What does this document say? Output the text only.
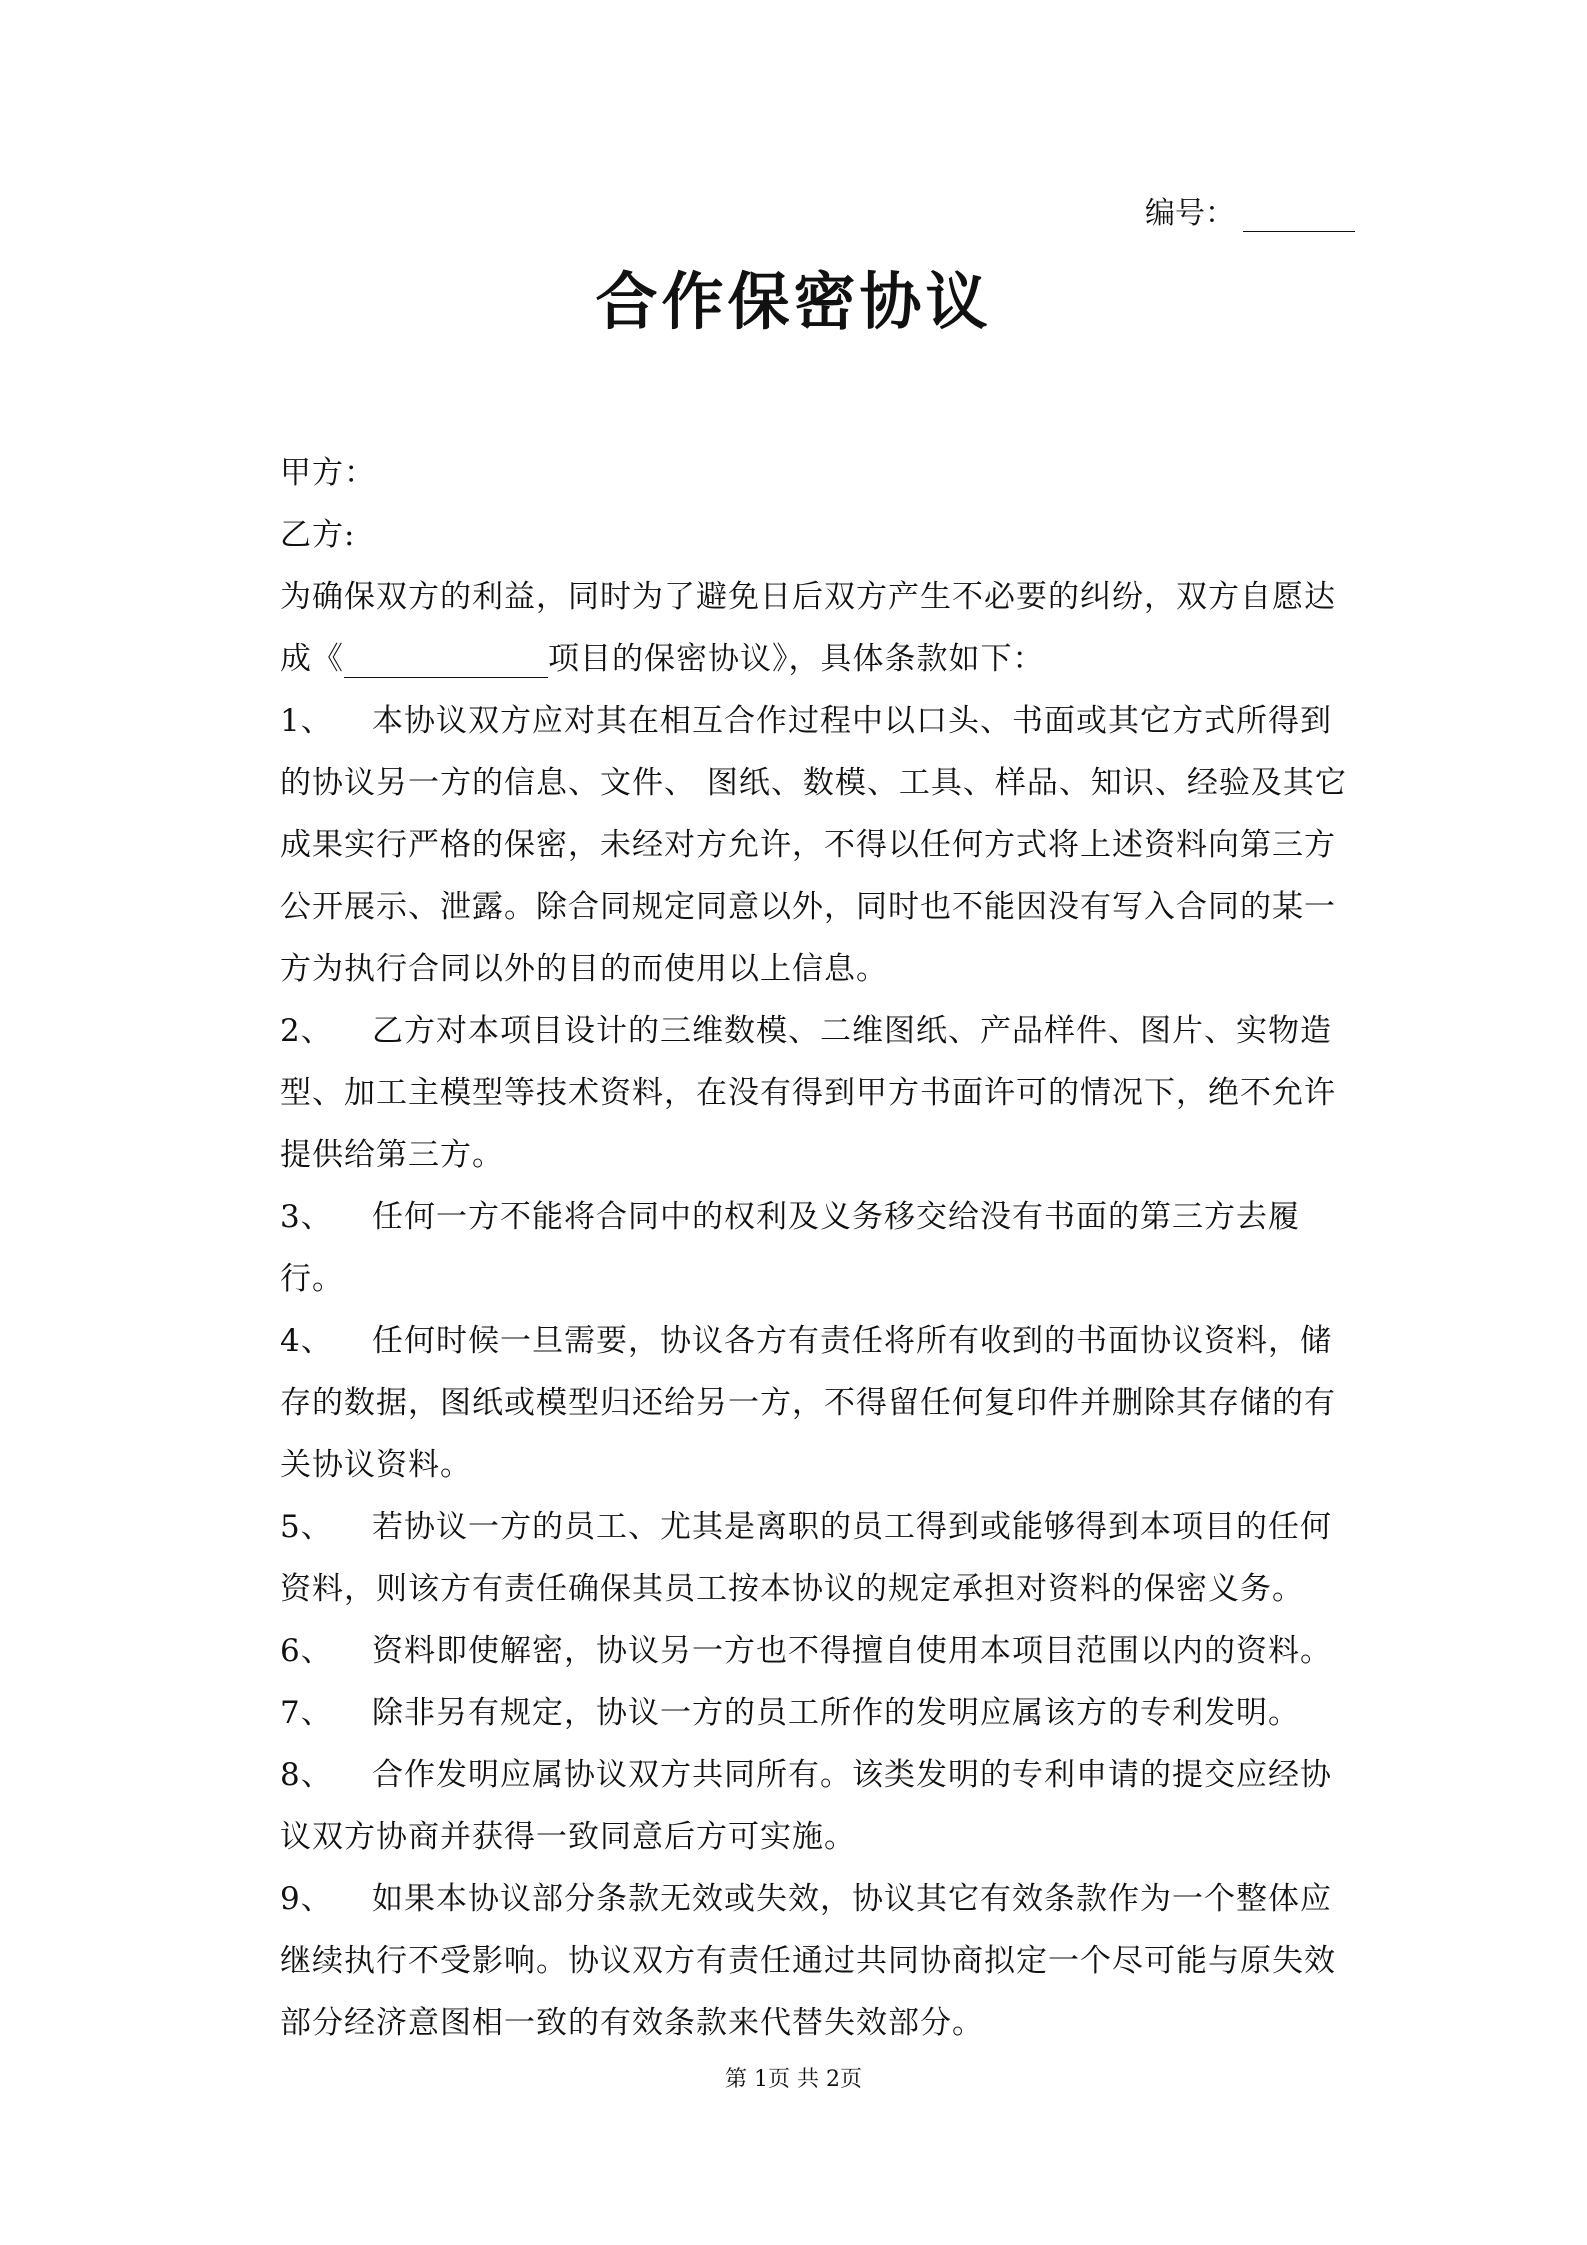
编号：
合作保密协议
甲方：
乙方:
为确保双方的利益，同时为了避免日后双方产生不必要的纠纷，双方自愿达
成《	项目的保密协议》，具体条款如下：
1、 本协议双方应对其在相互合作过程中以口头、书面或其它方式所得到
的协议另一方的信息、文件、 图纸、数模、工具、样品、知识、经验及其它
成果实行严格的保密，未经对方允许，不得以任何方式将上述资料向第三方
公开展示、泄露。除合同规定同意以外，同时也不能因没有写入合同的某一
方为执行合同以外的目的而使用以上信息。
2、 乙方对本项目设计的三维数模、二维图纸、产品样件、图片、实物造
型、加工主模型等技术资料，在没有得到甲方书面许可的情况下，绝不允许
提供给第三方。
3、 任何一方不能将合同中的权利及义务移交给没有书面的第三方去履
行。
4、 任何时候一旦需要，协议各方有责任将所有收到的书面协议资料，储
存的数据，图纸或模型归还给另一方，不得留任何复印件并删除其存储的有
关协议资料。
5、 若协议一方的员工、尤其是离职的员工得到或能够得到本项目的任何
资料，则该方有责任确保其员工按本协议的规定承担对资料的保密义务。
6、 资料即使解密，协议另一方也不得擅自使用本项目范围以内的资料。
7、 除非另有规定，协议一方的员工所作的发明应属该方的专利发明。
8、 合作发明应属协议双方共同所有。该类发明的专利申请的提交应经协
议双方协商并获得一致同意后方可实施。
9、 如果本协议部分条款无效或失效，协议其它有效条款作为一个整体应
继续执行不受影响。协议双方有责任通过共同协商拟定一个尽可能与原失效
部分经济意图相一致的有效条款来代替失效部分。
第 1页 共 2页
